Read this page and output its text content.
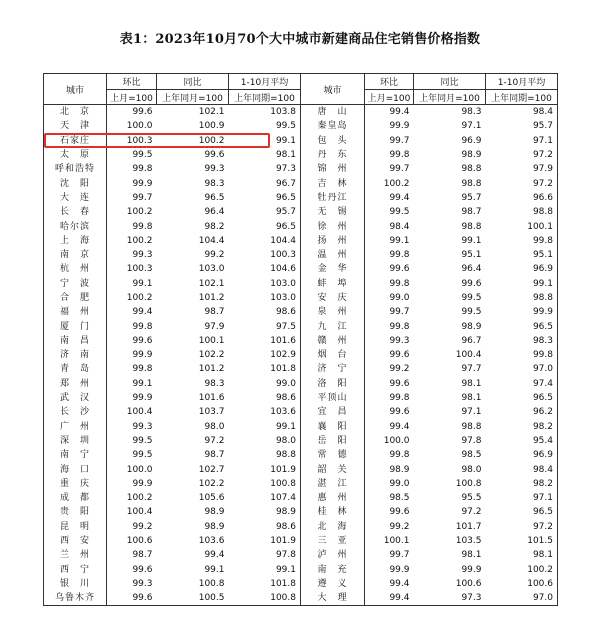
表1：2023年10月70个大中城市新建商品住宅销售价格指数
城市	环比	同比	1-10月平均	城市	环比	同比	1-10月平均
	上月=100	上年同月=100	上年同期=100		上月=100	上年同月=100	上年同期=100
北　京	99.6	102.1	103.8	唐　山	99.4	98.3	98.4
天　津	100.0	100.9	99.5	秦皇岛	99.9	97.1	95.7
石家庄	100.3	100.2	99.1	包　头	99.7	96.9	97.1
太　原	99.5	99.6	98.1	丹　东	99.8	98.9	97.2
呼和浩特	99.8	99.3	97.3	锦　州	99.7	98.8	97.9
沈　阳	99.9	98.3	96.7	吉　林	100.2	98.8	97.2
大　连	99.7	96.5	96.5	牡丹江	99.4	95.7	96.6
长　春	100.2	96.4	95.7	无　锡	99.5	98.7	98.8
哈尔滨	99.8	98.2	96.5	徐　州	98.4	98.8	100.1
上　海	100.2	104.4	104.4	扬　州	99.1	99.1	99.8
南　京	99.3	99.2	100.3	温　州	99.8	95.1	95.1
杭　州	100.3	103.0	104.6	金　华	99.6	96.4	96.9
宁　波	99.1	102.1	103.0	蚌　埠	99.8	99.6	99.1
合　肥	100.2	101.2	103.0	安　庆	99.0	99.5	98.8
福　州	99.4	98.7	98.6	泉　州	99.7	99.5	99.9
厦　门	99.8	97.9	97.5	九　江	99.8	98.9	96.5
南　昌	99.6	100.1	101.6	赣　州	99.3	96.7	98.3
济　南	99.9	102.2	102.9	烟　台	99.6	100.4	99.8
青　岛	99.8	101.2	101.8	济　宁	99.2	97.7	97.0
郑　州	99.1	98.3	99.0	洛　阳	99.6	98.1	97.4
武　汉	99.9	101.6	98.6	平顶山	99.8	98.1	96.5
长　沙	100.4	103.7	103.6	宜　昌	99.6	97.1	96.2
广　州	99.3	98.0	99.1	襄　阳	99.4	98.8	98.2
深　圳	99.5	97.2	98.0	岳　阳	100.0	97.8	95.4
南　宁	99.5	98.7	98.8	常　德	99.8	98.5	96.9
海　口	100.0	102.7	101.9	韶　关	98.9	98.0	98.4
重　庆	99.9	102.2	100.8	湛　江	99.0	100.8	98.2
成　都	100.2	105.6	107.4	惠　州	98.5	95.5	97.1
贵　阳	100.4	98.9	98.9	桂　林	99.6	97.2	96.5
昆　明	99.2	98.9	98.6	北　海	99.2	101.7	97.2
西　安	100.6	103.6	101.9	三　亚	100.1	103.5	101.5
兰　州	98.7	99.4	97.8	泸　州	99.7	98.1	98.1
西　宁	99.6	99.1	99.1	南　充	99.9	99.9	100.2
银　川	99.3	100.8	101.8	遵　义	99.4	100.6	100.6
乌鲁木齐	99.6	100.5	100.8	大　理	99.4	97.3	97.0
